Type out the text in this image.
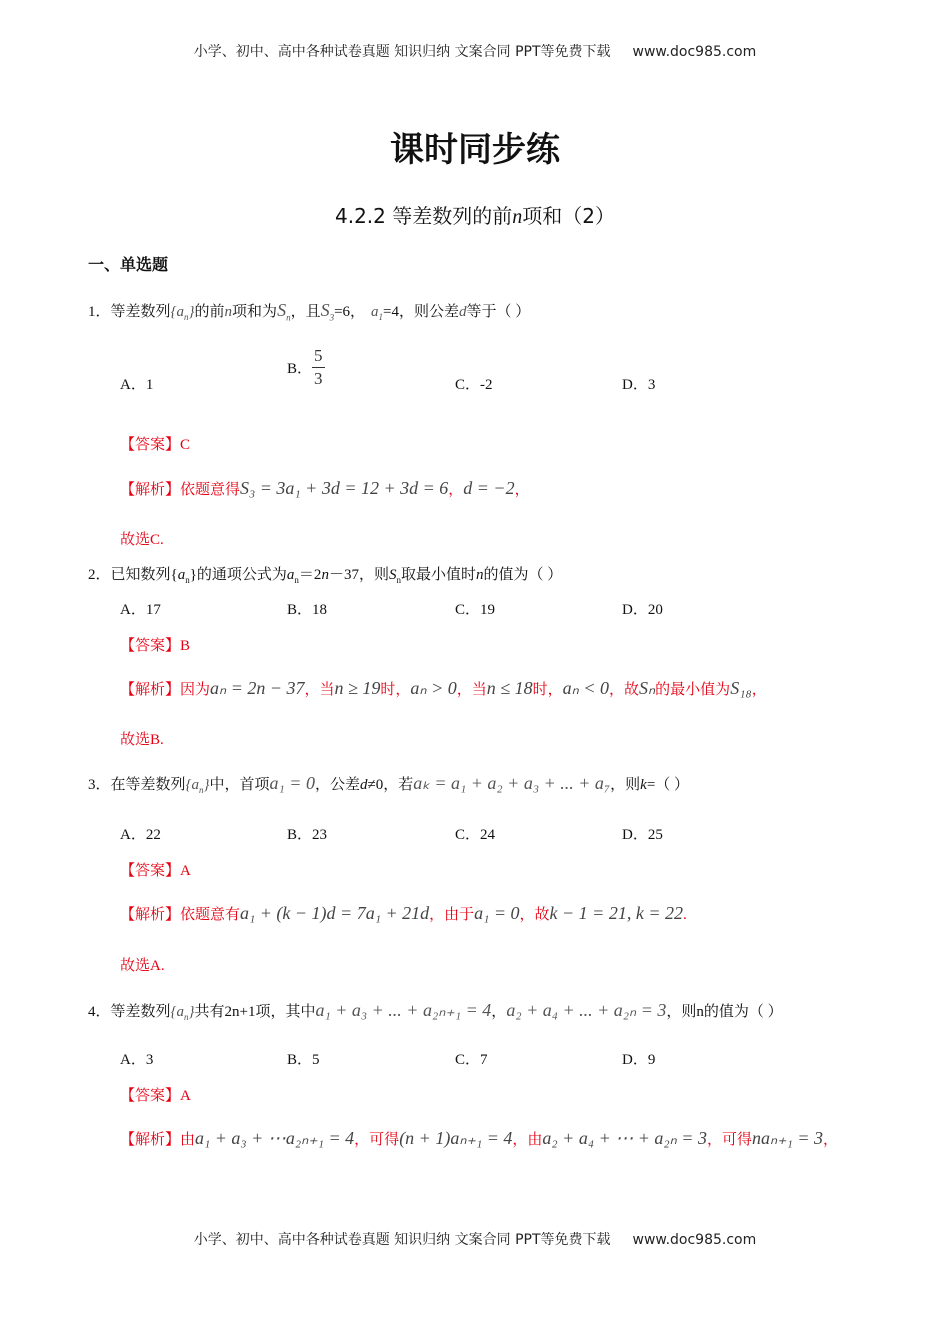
小学、初中、高中各种试卷真题 知识归纳 文案合同 PPT等免费下载 www.doc985.com
课时同步练
4.2.2 等差数列的前n项和（2）
一、单选题
1．等差数列$\{a_n\}$的前n项和为$S_n$，且$S_3=6$， $a_1=4$，则公差d等于（ ）
A．1
B． $\frac{5}{3}$	C．-2	D．3
【答案】C
【解析】依题意得S₃ = 3a₁ + 3d = 12 + 3d = 6，d = −2，
故选C.
2．已知数列$\{a_n\}$的通项公式为$a_n=2n-37$，则$S_n$取最小值时n的值为（ ）
A．17	B．18	C．19	D．20
【答案】B
【解析】因为aₙ = 2n − 37，当n ≥ 19时，aₙ > 0，当n ≤ 18时，aₙ < 0，故Sₙ的最小值为S₁₈，
故选B.
3．在等差数列$\{a_n\}$中，首项a₁ = 0，公差d≠0，若aₖ = a₁ + a₂ + a₃ + ... + a₇，则k=（ ）
A．22	B．23	C．24	D．25
【答案】A
【解析】依题意有a₁ + (k − 1)d = 7a₁ + 21d，由于a₁ = 0，故k − 1 = 21, k = 22.
故选A.
4．等差数列$\{a_n\}$共有2n+1项，其中a₁ + a₃ + ... + a₂ₙ₊₁ = 4，a₂ + a₄ + ... + a₂ₙ = 3，则n的值为（ ）
A．3	B．5	C．7	D．9
【答案】A
【解析】由a₁ + a₃ + ⋯a₂ₙ₊₁ = 4，可得(n + 1)aₙ₊₁ = 4，由a₂ + a₄ + ⋯ + a₂ₙ = 3，可得naₙ₊₁ = 3，
小学、初中、高中各种试卷真题 知识归纳 文案合同 PPT等免费下载 www.doc985.com
